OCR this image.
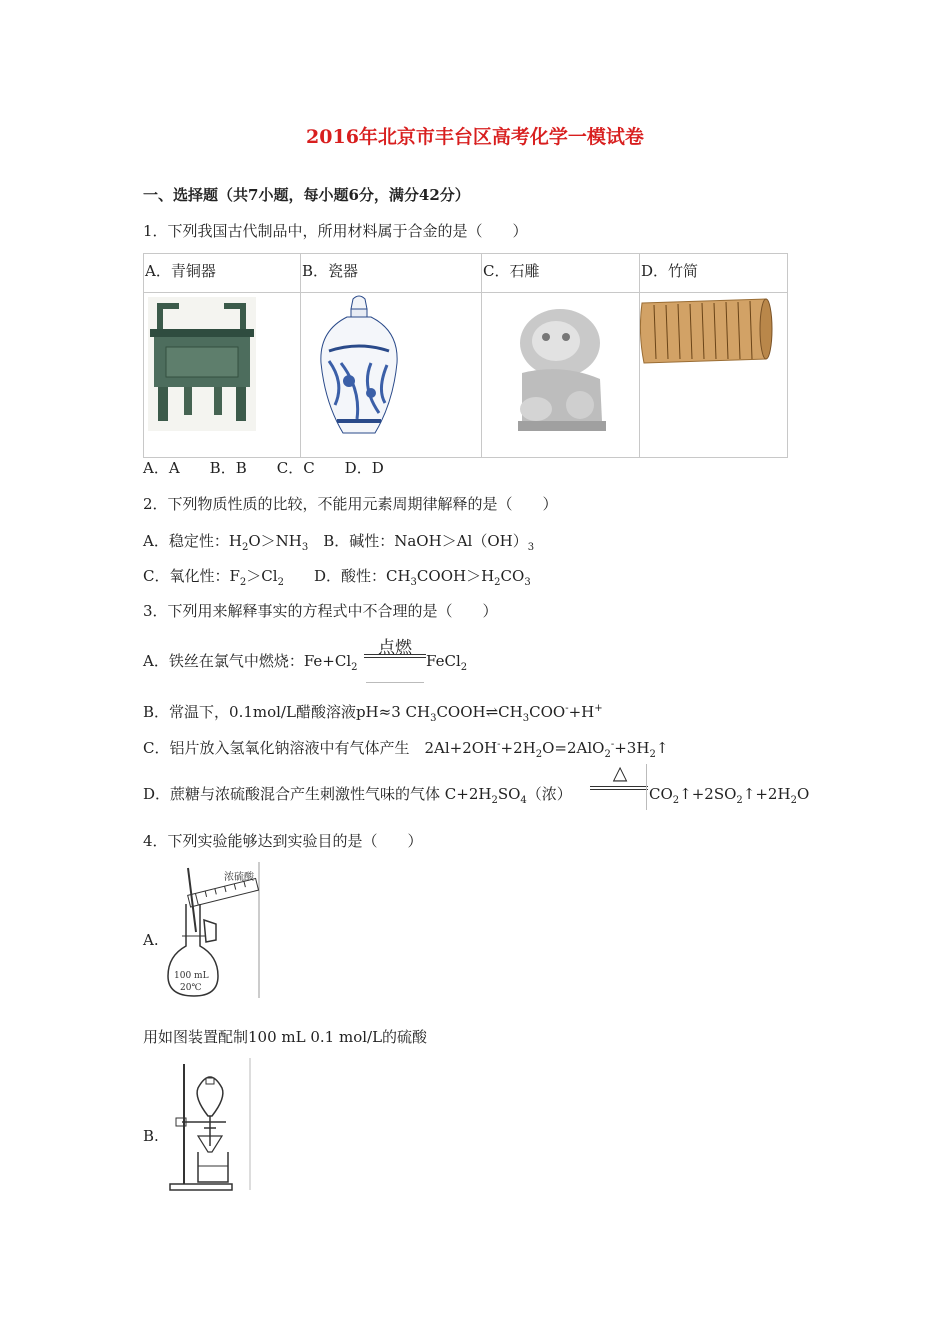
2016年北京市丰台区高考化学一模试卷
一、选择题（共7小题，每小题6分，满分42分）
1．下列我国古代制品中，所用材料属于合金的是（　　）
A．青铜器	B．瓷器	C．石雕	D．竹简

A．A　　B．B　　C．C　　D．D
2．下列物质性质的比较，不能用元素周期律解释的是（　　）
A．稳定性：$H_2O>NH_3$　 B．碱性：$NaOH>Al(OH)_3$
C．氧化性：$F_2>Cl_2$　　 D．酸性：$CH_3COOH>H_2CO_3$
3．下列用来解释事实的方程式中不合理的是（　　）
A．铁丝在氯气中燃烧：$Fe+Cl_2$
点燃
FeCl$_2$
B．常温下，0.1mol/L醋酸溶液pH≈3 $CH_3COOH\rightleftharpoons CH_3COO^-+H^+$
C．铝片放入氢氧化钠溶液中有气体产生　$2Al+2OH^-+2H_2O=2AlO_2^-+3H_2↑$
D．蔗糖与浓硫酸混合产生刺激性气味的气体 $C+2H_2SO_4$（浓）
△
$CO_2↑+2SO_2↑+2H_2O$
4．下列实验能够达到实验目的是（　　）
A.
浓硫酸
100 mL
20℃
用如图装置配制100 mL 0.1 mol/L的硫酸
B.
